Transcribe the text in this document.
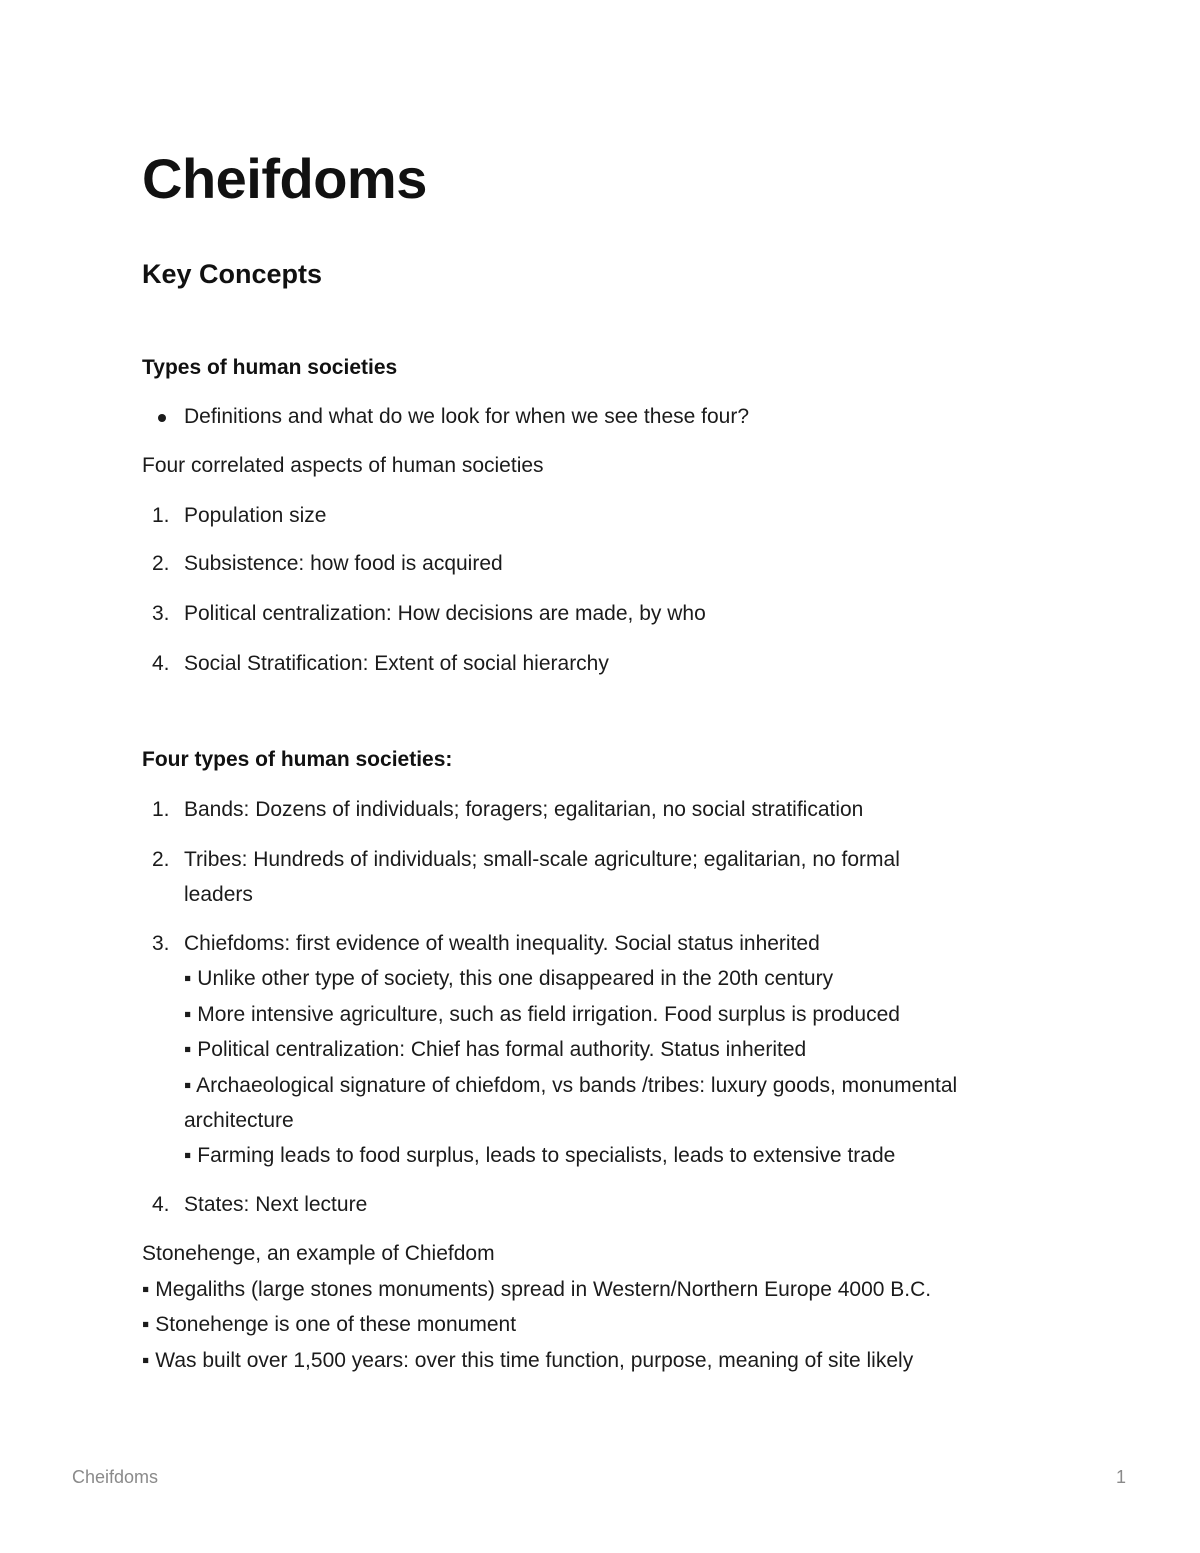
Cheifdoms
Key Concepts
Types of human societies
Definitions and what do we look for when we see these four?
Four correlated aspects of human societies
1. Population size
2. Subsistence: how food is acquired
3. Political centralization: How decisions are made, by who
4. Social Stratification: Extent of social hierarchy
Four types of human societies:
1. Bands: Dozens of individuals; foragers; egalitarian, no social stratification
2. Tribes: Hundreds of individuals; small-scale agriculture; egalitarian, no formal
leaders
3. Chiefdoms: first evidence of wealth inequality. Social status inherited
▪ Unlike other type of society, this one disappeared in the 20th century
▪ More intensive agriculture, such as field irrigation. Food surplus is produced
▪ Political centralization: Chief has formal authority. Status inherited
▪ Archaeological signature of chiefdom, vs bands /tribes: luxury goods, monumental
architecture
▪ Farming leads to food surplus, leads to specialists, leads to extensive trade
4. States: Next lecture
Stonehenge, an example of Chiefdom
▪ Megaliths (large stones monuments) spread in Western/Northern Europe 4000 B.C.
▪ Stonehenge is one of these monument
▪ Was built over 1,500 years: over this time function, purpose, meaning of site likely
Cheifdoms	1
